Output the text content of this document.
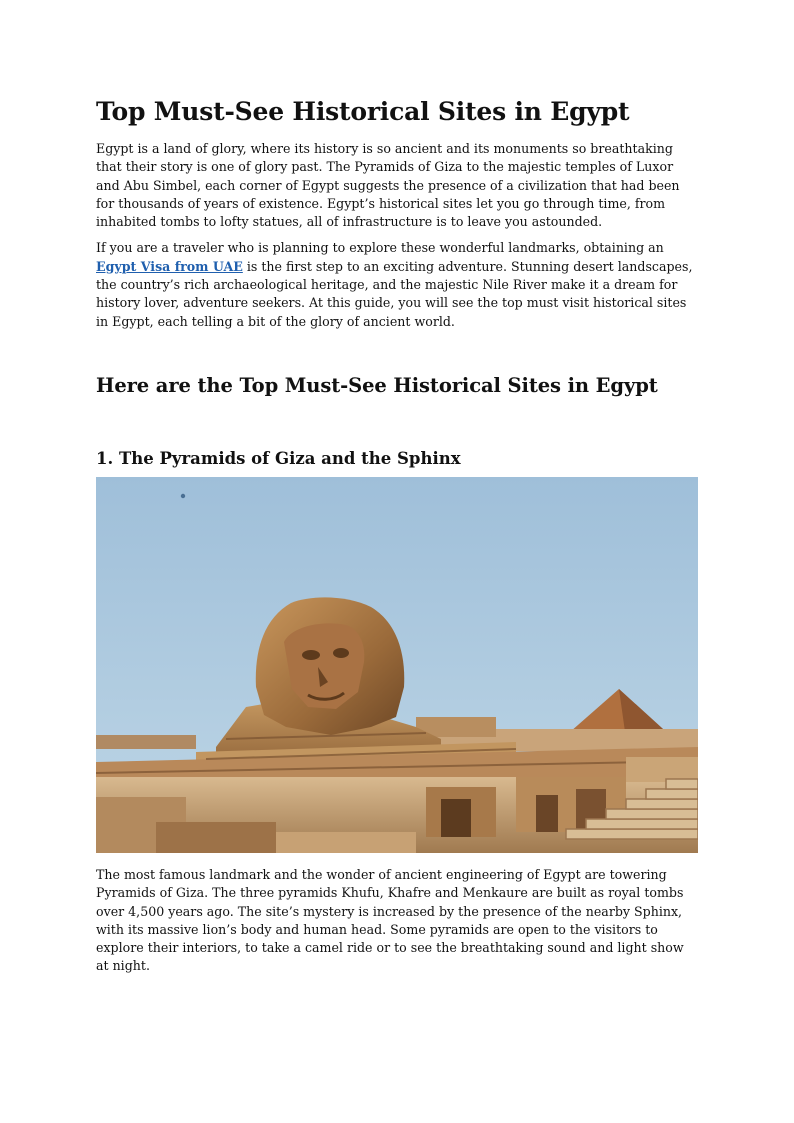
Top Must-See Historical Sites in Egypt

Egypt is a land of glory, where its history is so ancient and its monuments so breathtaking that their story is one of glory past. The Pyramids of Giza to the majestic temples of Luxor and Abu Simbel, each corner of Egypt suggests the presence of a civilization that had been for thousands of years of existence. Egypt’s historical sites let you go through time, from inhabited tombs to lofty statues, all of infrastructure is to leave you astounded.

If you are a traveler who is planning to explore these wonderful landmarks, obtaining an Egypt Visa from UAE is the first step to an exciting adventure. Stunning desert landscapes, the country’s rich archaeological heritage, and the majestic Nile River make it a dream for history lover, adventure seekers. At this guide, you will see the top must visit historical sites in Egypt, each telling a bit of the glory of ancient world.

Here are the Top Must-See Historical Sites in Egypt
1. The Pyramids of Giza and the Sphinx

The most famous landmark and the wonder of ancient engineering of Egypt are towering Pyramids of Giza. The three pyramids Khufu, Khafre and Menkaure are built as royal tombs over 4,500 years ago. The site’s mystery is increased by the presence of the nearby Sphinx, with its massive lion’s body and human head. Some pyramids are open to the visitors to explore their interiors, to take a camel ride or to see the breathtaking sound and light show at night.
